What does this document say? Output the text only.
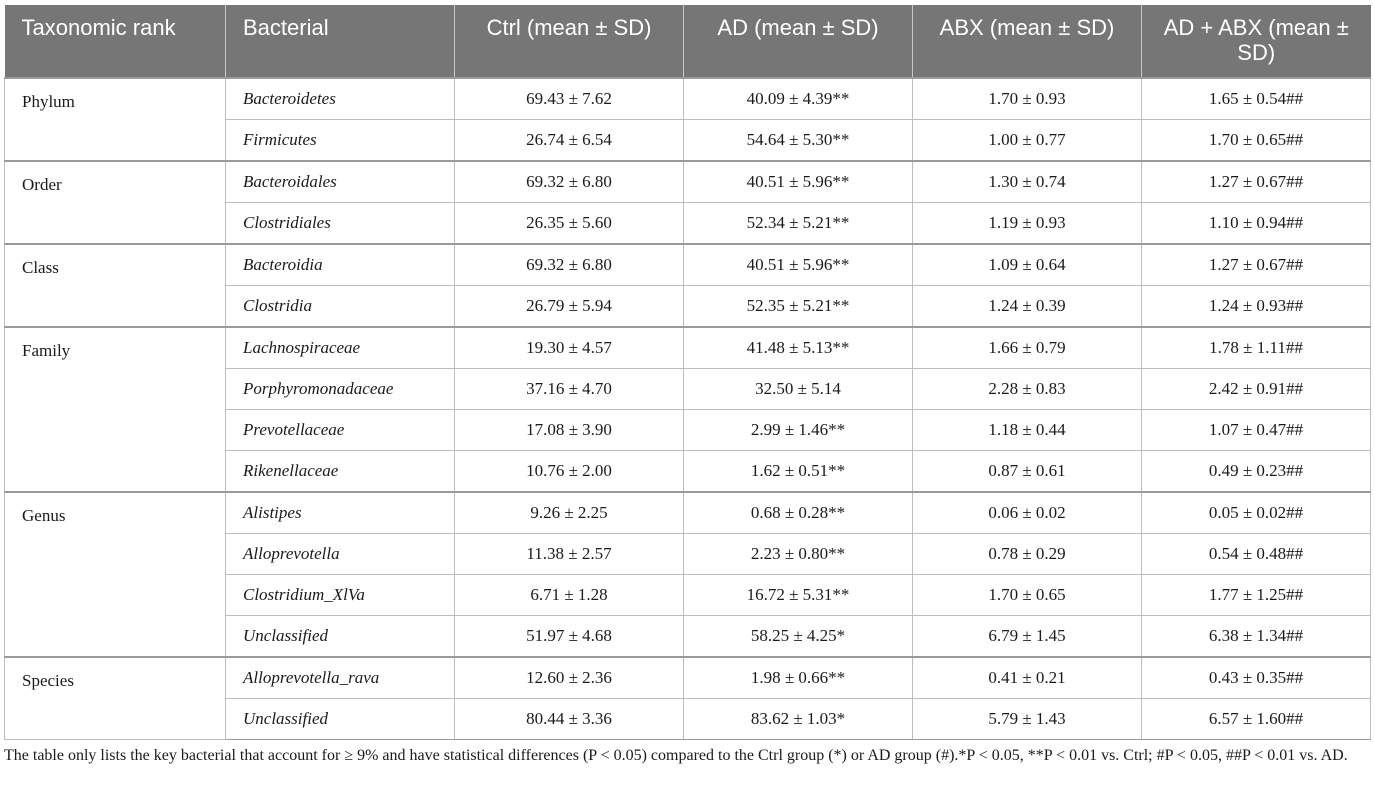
Taxonomic rank	Bacterial	Ctrl (mean ± SD)	AD (mean ± SD)	ABX (mean ± SD)	AD + ABX (mean ± SD)

Phylum	Bacteroidetes	69.43 ± 7.62	40.09 ± 4.39**	1.70 ± 0.93	1.65 ± 0.54##
	Firmicutes	26.74 ± 6.54	54.64 ± 5.30**	1.00 ± 0.77	1.70 ± 0.65##
Order	Bacteroidales	69.32 ± 6.80	40.51 ± 5.96**	1.30 ± 0.74	1.27 ± 0.67##
	Clostridiales	26.35 ± 5.60	52.34 ± 5.21**	1.19 ± 0.93	1.10 ± 0.94##
Class	Bacteroidia	69.32 ± 6.80	40.51 ± 5.96**	1.09 ± 0.64	1.27 ± 0.67##
	Clostridia	26.79 ± 5.94	52.35 ± 5.21**	1.24 ± 0.39	1.24 ± 0.93##
Family	Lachnospiraceae	19.30 ± 4.57	41.48 ± 5.13**	1.66 ± 0.79	1.78 ± 1.11##
	Porphyromonadaceae	37.16 ± 4.70	32.50 ± 5.14	2.28 ± 0.83	2.42 ± 0.91##
	Prevotellaceae	17.08 ± 3.90	2.99 ± 1.46**	1.18 ± 0.44	1.07 ± 0.47##
	Rikenellaceae	10.76 ± 2.00	1.62 ± 0.51**	0.87 ± 0.61	0.49 ± 0.23##
Genus	Alistipes	9.26 ± 2.25	0.68 ± 0.28**	0.06 ± 0.02	0.05 ± 0.02##
	Alloprevotella	11.38 ± 2.57	2.23 ± 0.80**	0.78 ± 0.29	0.54 ± 0.48##
	Clostridium_XlVa	6.71 ± 1.28	16.72 ± 5.31**	1.70 ± 0.65	1.77 ± 1.25##
	Unclassified	51.97 ± 4.68	58.25 ± 4.25*	6.79 ± 1.45	6.38 ± 1.34##
Species	Alloprevotella_rava	12.60 ± 2.36	1.98 ± 0.66**	0.41 ± 0.21	0.43 ± 0.35##
	Unclassified	80.44 ± 3.36	83.62 ± 1.03*	5.79 ± 1.43	6.57 ± 1.60##
The table only lists the key bacterial that account for ≥ 9% and have statistical differences (P < 0.05) compared to the Ctrl group (*) or AD group (#).*P < 0.05, **P < 0.01 vs. Ctrl; #P < 0.05, ##P < 0.01 vs. AD.
